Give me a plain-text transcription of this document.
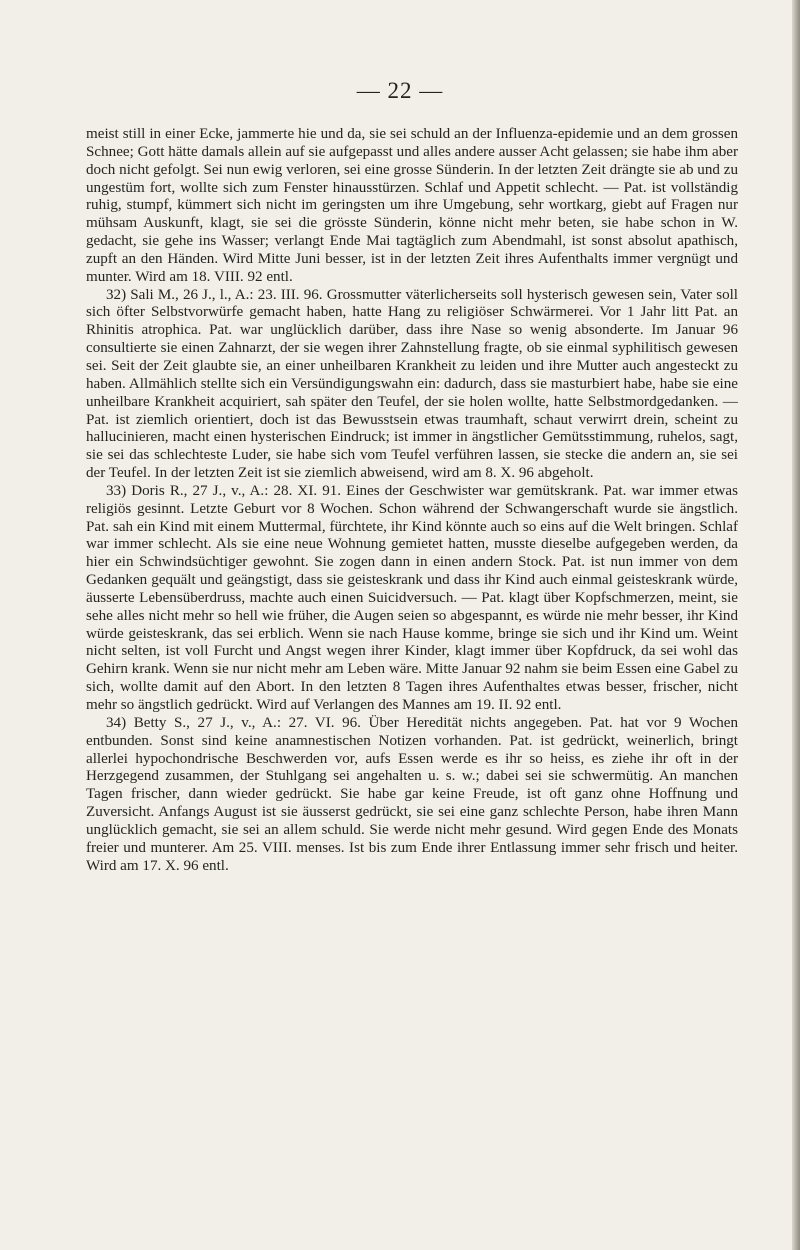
— 22 —

meist still in einer Ecke, jammerte hie und da, sie sei schuld an der Influenza-epidemie und an dem grossen Schnee; Gott hätte damals allein auf sie aufgepasst und alles andere ausser Acht gelassen; sie habe ihm aber doch nicht gefolgt. Sei nun ewig verloren, sei eine grosse Sünderin. In der letzten Zeit drängte sie ab und zu ungestüm fort, wollte sich zum Fenster hinausstürzen. Schlaf und Appetit schlecht. — Pat. ist vollständig ruhig, stumpf, kümmert sich nicht im geringsten um ihre Umgebung, sehr wortkarg, giebt auf Fragen nur mühsam Auskunft, klagt, sie sei die grösste Sünderin, könne nicht mehr beten, sie habe schon in W. gedacht, sie gehe ins Wasser; verlangt Ende Mai tagtäglich zum Abendmahl, ist sonst absolut apathisch, zupft an den Händen. Wird Mitte Juni besser, ist in der letzten Zeit ihres Aufenthalts immer vergnügt und munter. Wird am 18. VIII. 92 entl.

32) Sali M., 26 J., l., A.: 23. III. 96. Grossmutter väterlicherseits soll hysterisch gewesen sein, Vater soll sich öfter Selbstvorwürfe gemacht haben, hatte Hang zu religiöser Schwärmerei. Vor 1 Jahr litt Pat. an Rhinitis atrophica. Pat. war unglücklich darüber, dass ihre Nase so wenig absonderte. Im Januar 96 consultierte sie einen Zahnarzt, der sie wegen ihrer Zahnstellung fragte, ob sie einmal syphilitisch gewesen sei. Seit der Zeit glaubte sie, an einer unheilbaren Krankheit zu leiden und ihre Mutter auch angesteckt zu haben. Allmählich stellte sich ein Versündigungswahn ein: dadurch, dass sie masturbiert habe, habe sie eine unheilbare Krankheit acquiriert, sah später den Teufel, der sie holen wollte, hatte Selbstmordgedanken. — Pat. ist ziemlich orientiert, doch ist das Bewusstsein etwas traumhaft, schaut verwirrt drein, scheint zu hallucinieren, macht einen hysterischen Eindruck; ist immer in ängstlicher Gemütsstimmung, ruhelos, sagt, sie sei das schlechteste Luder, sie habe sich vom Teufel verführen lassen, sie stecke die andern an, sie sei der Teufel. In der letzten Zeit ist sie ziemlich abweisend, wird am 8. X. 96 abgeholt.

33) Doris R., 27 J., v., A.: 28. XI. 91. Eines der Geschwister war gemütskrank. Pat. war immer etwas religiös gesinnt. Letzte Geburt vor 8 Wochen. Schon während der Schwangerschaft wurde sie ängstlich. Pat. sah ein Kind mit einem Muttermal, fürchtete, ihr Kind könnte auch so eins auf die Welt bringen. Schlaf war immer schlecht. Als sie eine neue Wohnung gemietet hatten, musste dieselbe aufgegeben werden, da hier ein Schwindsüchtiger gewohnt. Sie zogen dann in einen andern Stock. Pat. ist nun immer von dem Gedanken gequält und geängstigt, dass sie geisteskrank und dass ihr Kind auch einmal geisteskrank würde, äusserte Lebensüberdruss, machte auch einen Suicidversuch. — Pat. klagt über Kopfschmerzen, meint, sie sehe alles nicht mehr so hell wie früher, die Augen seien so abgespannt, es würde nie mehr besser, ihr Kind würde geisteskrank, das sei erblich. Wenn sie nach Hause komme, bringe sie sich und ihr Kind um. Weint nicht selten, ist voll Furcht und Angst wegen ihrer Kinder, klagt immer über Kopfdruck, da sei wohl das Gehirn krank. Wenn sie nur nicht mehr am Leben wäre. Mitte Januar 92 nahm sie beim Essen eine Gabel zu sich, wollte damit auf den Abort. In den letzten 8 Tagen ihres Aufenthaltes etwas besser, frischer, nicht mehr so ängstlich gedrückt. Wird auf Verlangen des Mannes am 19. II. 92 entl.

34) Betty S., 27 J., v., A.: 27. VI. 96. Über Heredität nichts angegeben. Pat. hat vor 9 Wochen entbunden. Sonst sind keine anamnestischen Notizen vorhanden. Pat. ist gedrückt, weinerlich, bringt allerlei hypochondrische Beschwerden vor, aufs Essen werde es ihr so heiss, es ziehe ihr oft in der Herzgegend zusammen, der Stuhlgang sei angehalten u. s. w.; dabei sei sie schwermütig. An manchen Tagen frischer, dann wieder gedrückt. Sie habe gar keine Freude, ist oft ganz ohne Hoffnung und Zuversicht. Anfangs August ist sie äusserst gedrückt, sie sei eine ganz schlechte Person, habe ihren Mann unglücklich gemacht, sie sei an allem schuld. Sie werde nicht mehr gesund. Wird gegen Ende des Monats freier und munterer. Am 25. VIII. menses. Ist bis zum Ende ihrer Entlassung immer sehr frisch und heiter. Wird am 17. X. 96 entl.
